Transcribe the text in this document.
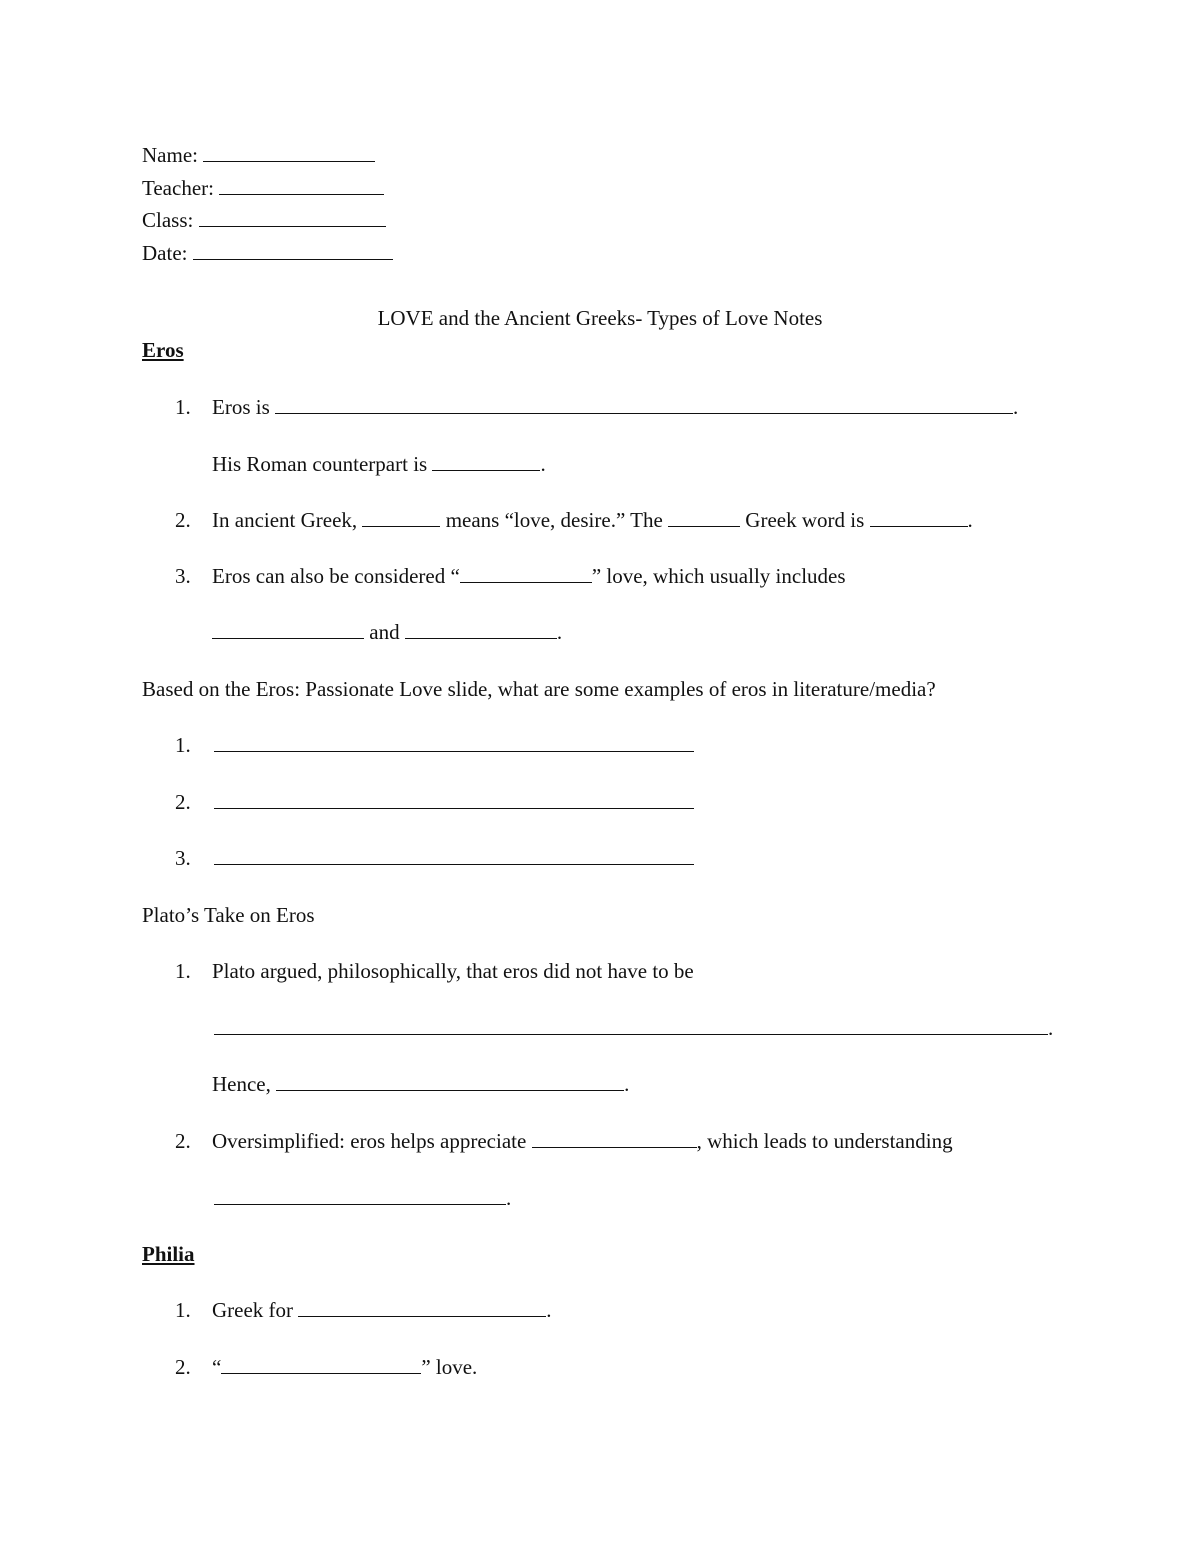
Name:
Teacher:
Class:
Date:
LOVE and the Ancient Greeks- Types of Love Notes
Eros
1. Eros is	.
His Roman counterpart is	.
2. In ancient Greek,	means “love, desire.” The	Greek word is	.
3. Eros can also be considered “	” love, which usually includes
and	.
Based on the Eros: Passionate Love slide, what are some examples of eros in literature/media?
1.
2.
3.
Plato’s Take on Eros
1. Plato argued, philosophically, that eros did not have to be
.
Hence,	.
2. Oversimplified: eros helps appreciate	, which leads to understanding
.
Philia
1. Greek for	.
2. “	” love.
